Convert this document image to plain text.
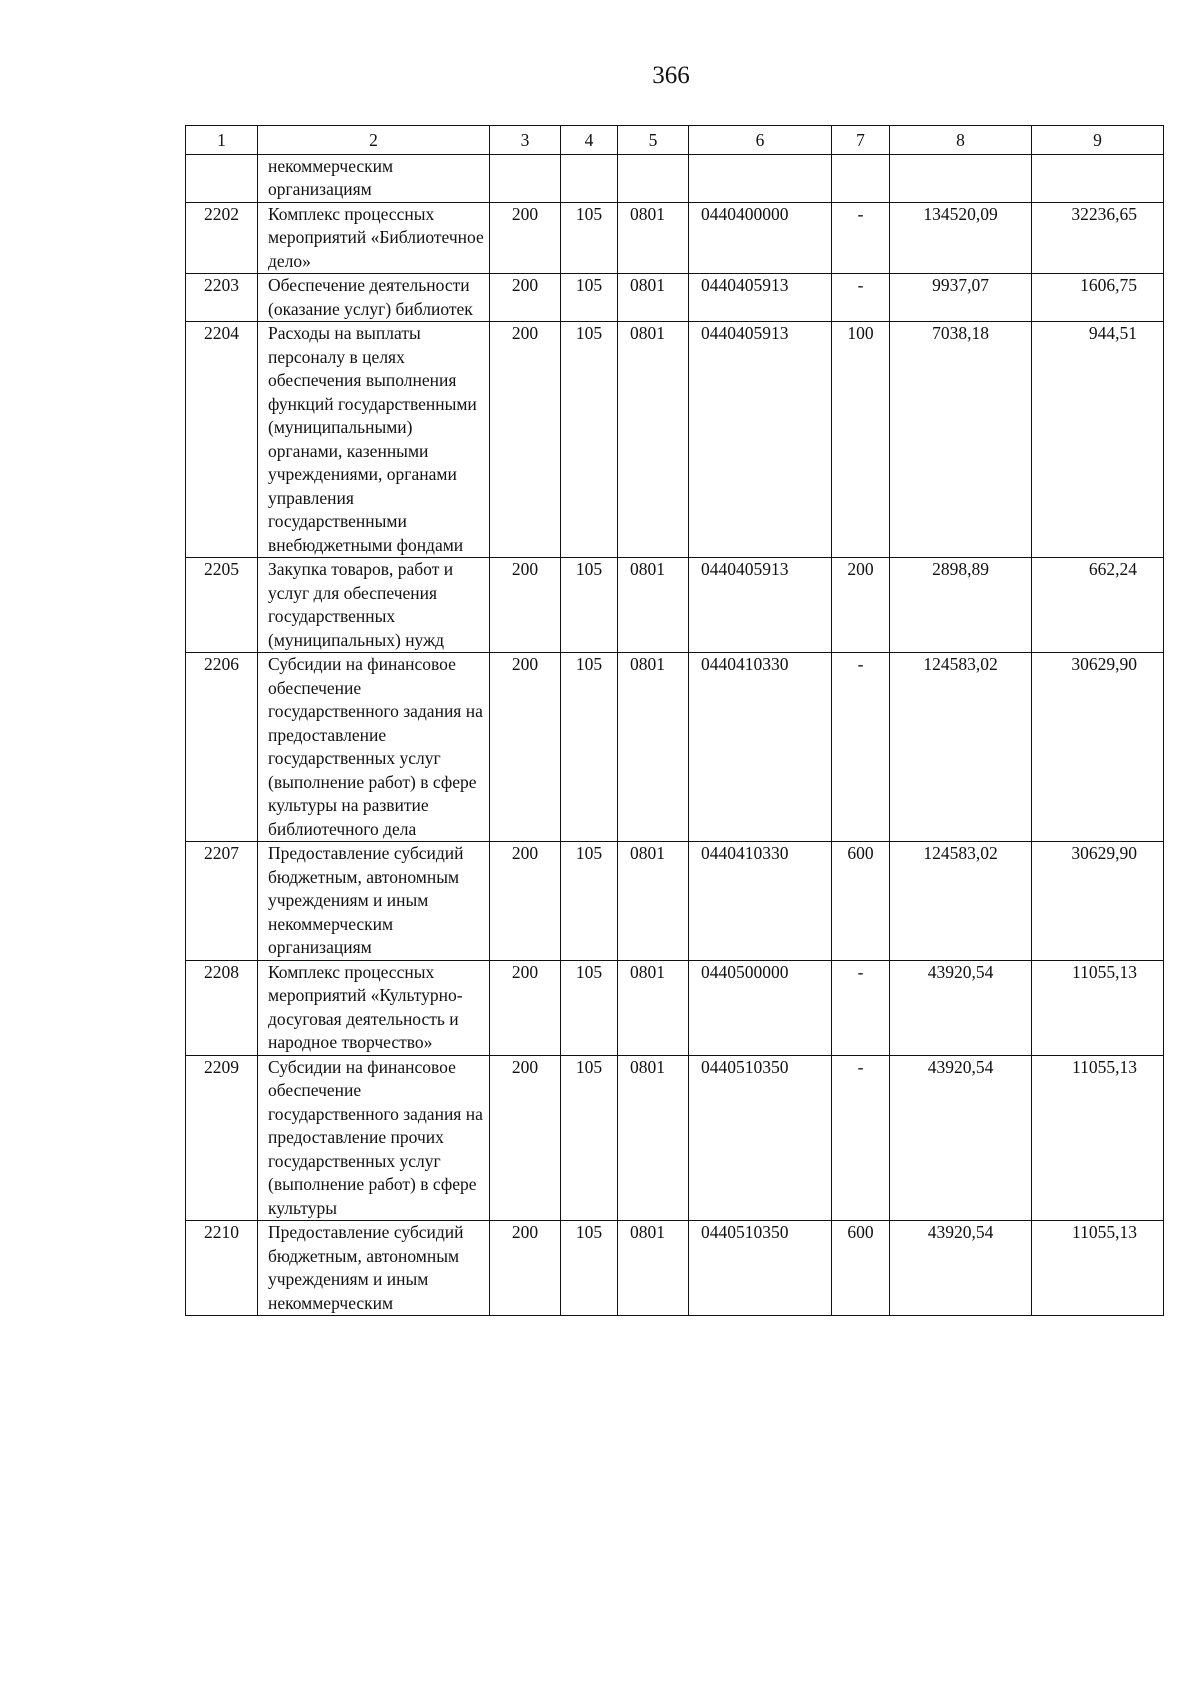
366
1	2	3	4	5	6	7	8	9
	некоммерческим организациям							
2202	Комплекс процессных мероприятий «Библиотечное дело»	200	105	0801	0440400000	-	134520,09	32236,65
2203	Обеспечение деятельности (оказание услуг) библиотек	200	105	0801	0440405913	-	9937,07	1606,75
2204	Расходы на выплаты персоналу в целях обеспечения выполнения функций государственными (муниципальными) органами, казенными учреждениями, органами управления государственными внебюджетными фондами	200	105	0801	0440405913	100	7038,18	944,51
2205	Закупка товаров, работ и услуг для обеспечения государственных (муниципальных) нужд	200	105	0801	0440405913	200	2898,89	662,24
2206	Субсидии на финансовое обеспечение государственного задания на предоставление государственных услуг (выполнение работ) в сфере культуры на развитие библиотечного дела	200	105	0801	0440410330	-	124583,02	30629,90
2207	Предоставление субсидий бюджетным, автономным учреждениям и иным некоммерческим организациям	200	105	0801	0440410330	600	124583,02	30629,90
2208	Комплекс процессных мероприятий «Культурно-досуговая деятельность и народное творчество»	200	105	0801	0440500000	-	43920,54	11055,13
2209	Субсидии на финансовое обеспечение государственного задания на предоставление прочих государственных услуг (выполнение работ) в сфере культуры	200	105	0801	0440510350	-	43920,54	11055,13
2210	Предоставление субсидий бюджетным, автономным учреждениям и иным некоммерческим	200	105	0801	0440510350	600	43920,54	11055,13
